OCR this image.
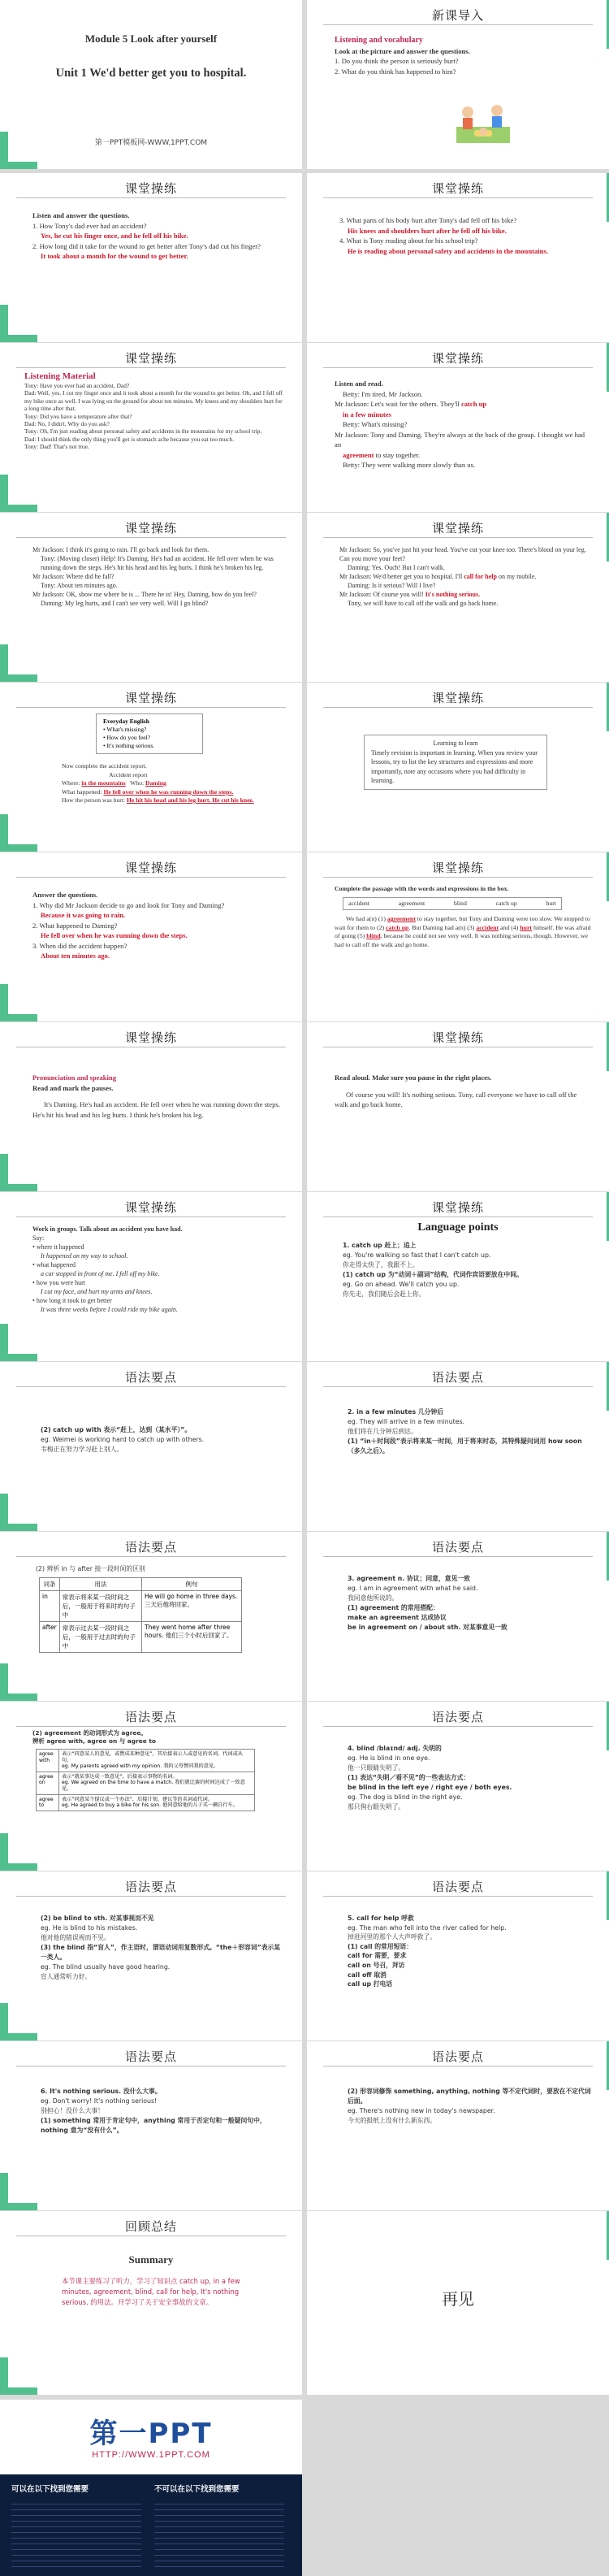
Module 5 Look after yourself
Unit 1 We'd better get you to hospital.
第一PPT模板网-WWW.1PPT.COM
新课导入
Listening and vocabulary
Look at the picture and answer the questions.
1. Do you think the person is seriously hurt?
2. What do you think has happened to him?
课堂操练
Listen and answer the questions.
1. How Tony's dad ever had an accident?
Yes, he cut his finger once, and he fell off his bike.
2. How long did it take for the wound to get better after Tony's dad cut his finger?
It took about a month for the wound to get better.
课堂操练
3. What parts of his body hurt after Tony's dad fell off his bike?
His knees and shoulders hurt after he fell off his bike.
4. What is Tony reading about for his school trip?
He is reading about personal safety and accidents in the mountains.
课堂操练
Listening Material
Tony: Have you ever had an accident, Dad?
Dad: Well, yes. I cut my finger once and it took about a month for the wound to get better. Oh, and I fell off my bike once as well. I was lying on the ground for about ten minutes. My knees and my shoulders hurt for a long time after that.
Tony: Did you have a temperature after that?
Dad: No, I didn't. Why do you ask?
Tony: Oh, I'm just reading about personal safety and accidents in the mountains for my school trip.
Dad: I should think the only thing you'll get is stomach ache because you eat too much.
Tony: Dad! That's not true.
课堂操练
Listen and read.
Betty: I'm tired, Mr Jackson.
Mr Jackson: Let's wait for the others. They'll catch up
in a few minutes
Betty: What's missing?
Mr Jackson: Tony and Daming. They're always at the back of the group. I thought we had an
agreement to stay together.
Betty: They were walking more slowly than us.
课堂操练
Mr Jackson: I think it's going to rain. I'll go back and look for them.
Tony: (Moving closer) Help! It's Daming. He's had an accident. He fell over when he was running down the steps. He's hit his head and his leg hurts. I think he's broken his leg.
Mr Jackson: Where did he fall?
Tony: About ten minutes ago.
Mr Jackson: OK, show me where he is ... There he is! Hey, Daming, how do you feel?
Daming: My leg hurts, and I can't see very well. Will I go blind?
课堂操练
Mr Jackson: So, you've just hit your head. You've cut your knee too. There's blood on your leg. Can you move your feet?
Daming: Yes. Ouch! But I can't walk.
Mr Jackson: We'd better get you to hospital. I'll call for help on my mobile.
Daming: Is it serious? Will I live?
Mr Jackson: Of course you will! It's nothing serious.
Tony, we will have to call off the walk and go back home.
课堂操练
Everyday English
• What's missing?
• How do you feel?
• It's nothing serious.
Now complete the accident report.
Accident report
Where: in the mountains Who: Daming
What happened: He fell over when he was running down the steps.
How the person was hurt: He hit his head and his leg hurt. He cut his knee.
课堂操练
Learning to learn
Timely revision is important in learning. When you review your lessons, try to list the key structures and expressions and more importantly, note any occasions where you had difficulty in learning.
课堂操练
Answer the questions.
1. Why did Mr Jackson decide to go and look for Tony and Daming?
Because it was going to rain.
2. What happened to Daming?
He fell over when he was running down the steps.
3. When did the accident happen?
About ten minutes ago.
课堂操练
Complete the passage with the words and expressions in the box.
accident	agreement	blind	catch up	hurt
We had a(n) (1) agreement to stay together, but Tony and Daming were too slow. We stopped to wait for them to (2) catch up. But Daming had a(n) (3) accident and (4) hurt himself. He was afraid of going (5) blind, because he could not see very well. It was nothing serious, though. However, we had to call off the walk and go home.
课堂操练
Pronunciation and speaking
Read and mark the pauses.
It's Daming. He's had an accident. He fell over when he was running down the steps. He's hit his head and his leg hurts. I think he's broken his leg.
课堂操练
Read aloud. Make sure you pause in the right places.
Of course you will! It's nothing serious. Tony, call everyone we have to call off the walk and go back home.
课堂操练
Work in groups. Talk about an accident you have had.
Say:
• where it happened
It happened on my way to school.
• what happened
a car stopped in front of me. I fell off my bike.
• how you were hurt
I cut my face, and hurt my arms and knees.
• how long it took to get better
It was three weeks before I could ride my bike again.
课堂操练
Language points
1. catch up 赶上；追上
eg. You're walking so fast that I can't catch up.
你走得太快了，我跟不上。
(1) catch up 为“动词＋副词”结构，代词作宾语要放在中间。
eg. Go on ahead. We'll catch you up.
你先走，我们随后会赶上你。
语法要点
(2) catch up with 表示“赶上，达到（某水平）”。
eg. Weimei is working hard to catch up with others.
韦梅正在努力学习赶上别人。
语法要点
2. in a few minutes 几分钟后
eg. They will arrive in a few minutes.
他们将在几分钟后到达。
(1) “in＋时间段”表示将来某一时间，用于将来时态，其特殊疑问词用 how soon（多久之后）。
语法要点
(2) 辨析 in 与 after 接一段时间的区别
词条	用法	例句
in	常表示将来某一段时间之后，一般用于将来时的句子中	He will go home in three days. 三天后他将回家。
after	常表示过去某一段时间之后，一般用于过去时的句子中	They went home after three hours. 他们三个小时后回家了。
语法要点
3. agreement n. 协议；同意，意见一致
eg. I am in agreement with what he said.
我同意他所说的。
(1) agreement 的常用搭配：
make an agreement 达成协议
be in agreement on / about sth. 对某事意见一致
语法要点
(2) agreement 的动词形式为 agree。
辨析 agree with, agree on 与 agree to
agree with	表示“同意某人的意见，或赞成某种意见”，其后接表示人或意见的名词、代词或从句。
eg. My parents agreed with my opinion. 我的父母赞同我的意见。

agree on	表示“就某事达成一致意见”，后接表示事物的名词。
eg. We agreed on the time to have a match. 我们就比赛的时间达成了一致意见。

agree to	表示“同意某个提议或一个办法”，后接计划、建议等的名词或代词。
eg. He agreed to buy a bike for his son. 他同意给他的儿子买一辆自行车。
语法要点
4. blind /blaɪnd/ adj. 失明的
eg. He is blind in one eye.
他一只眼睛失明了。
(1) 表达“失明／看不见”的一些表达方式：
be blind in the left eye / right eye / both eyes.
eg. The dog is blind in the right eye.
那只狗右眼失明了。
语法要点
(2) be blind to sth. 对某事视而不见
eg. He is blind to his mistakes.
他对他的错误视而不见。
(3) the blind 指“盲人”，作主语时，谓语动词用复数形式。“the＋形容词”表示某一类人。
eg. The blind usually have good hearing.
盲人通常听力好。
语法要点
5. call for help 呼救
eg. The man who fell into the river called for help.
掉进河里的那个人大声呼救了。
(1) call 的常用短语：
call for 需要，要求
call on 号召，拜访
call off 取消
call up 打电话
语法要点
6. It's nothing serious. 没什么大事。
eg. Don't worry! It's nothing serious!
别担心！没什么大事！
(1) something 常用于肯定句中，anything 常用于否定句和一般疑问句中，nothing 意为“没有什么”。
语法要点
(2) 形容词修饰 something, anything, nothing 等不定代词时，要放在不定代词后面。
eg. There's nothing new in today's newspaper.
今天的报纸上没有什么新东西。
回顾总结
Summary
本节课主要练习了听力，学习了知识点 catch up, in a few minutes, agreement, blind, call for help, It's nothing serious. 的用法。开学习了关于安全事故的文章。	再见
第一PPT
HTTP://WWW.1PPT.COM
可以在以下找到您需要	不可以在以下找到您需要
